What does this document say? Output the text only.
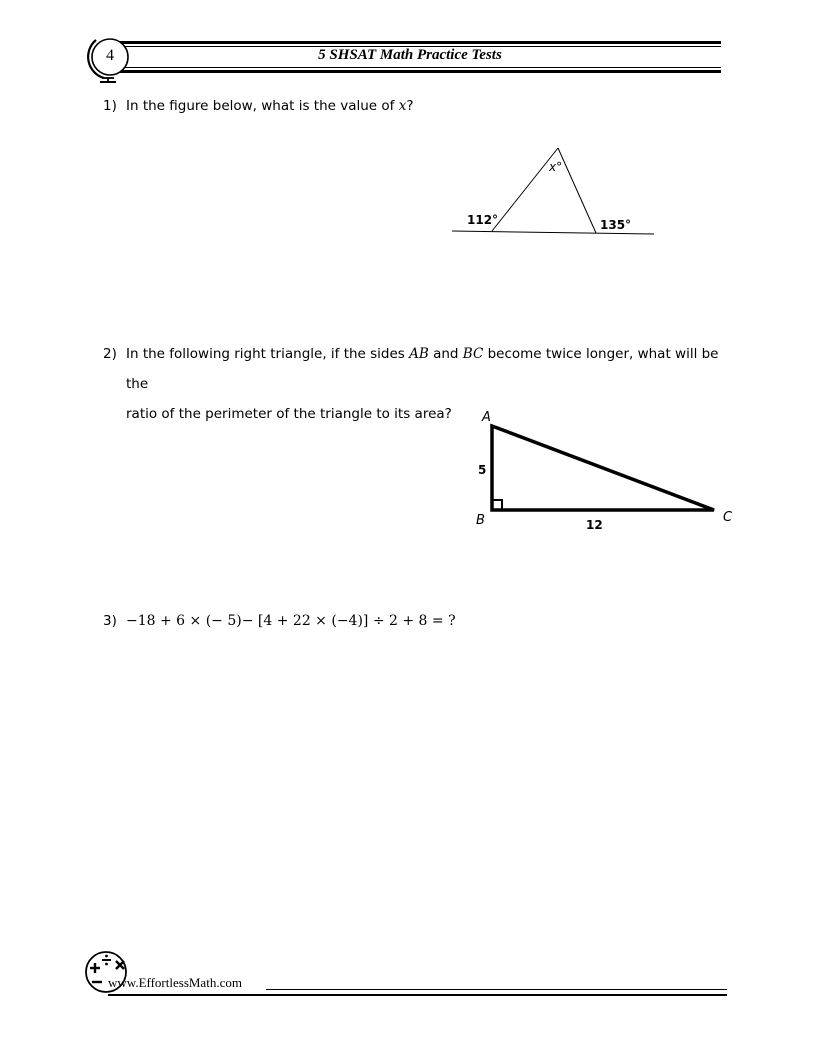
4	5 SHSAT Math Practice Tests
1) In the figure below, what is the value of x?
x°
112°	135°
2) In the following right triangle, if the sides AB and BC become twice longer, what will be the
ratio of the perimeter of the triangle to its area?	A
B	C
5
12
3) −18 + 6 × (− 5)− [4 + 22 × (−4)] ÷ 2 + 8 = ?
www.EffortlessMath.com
